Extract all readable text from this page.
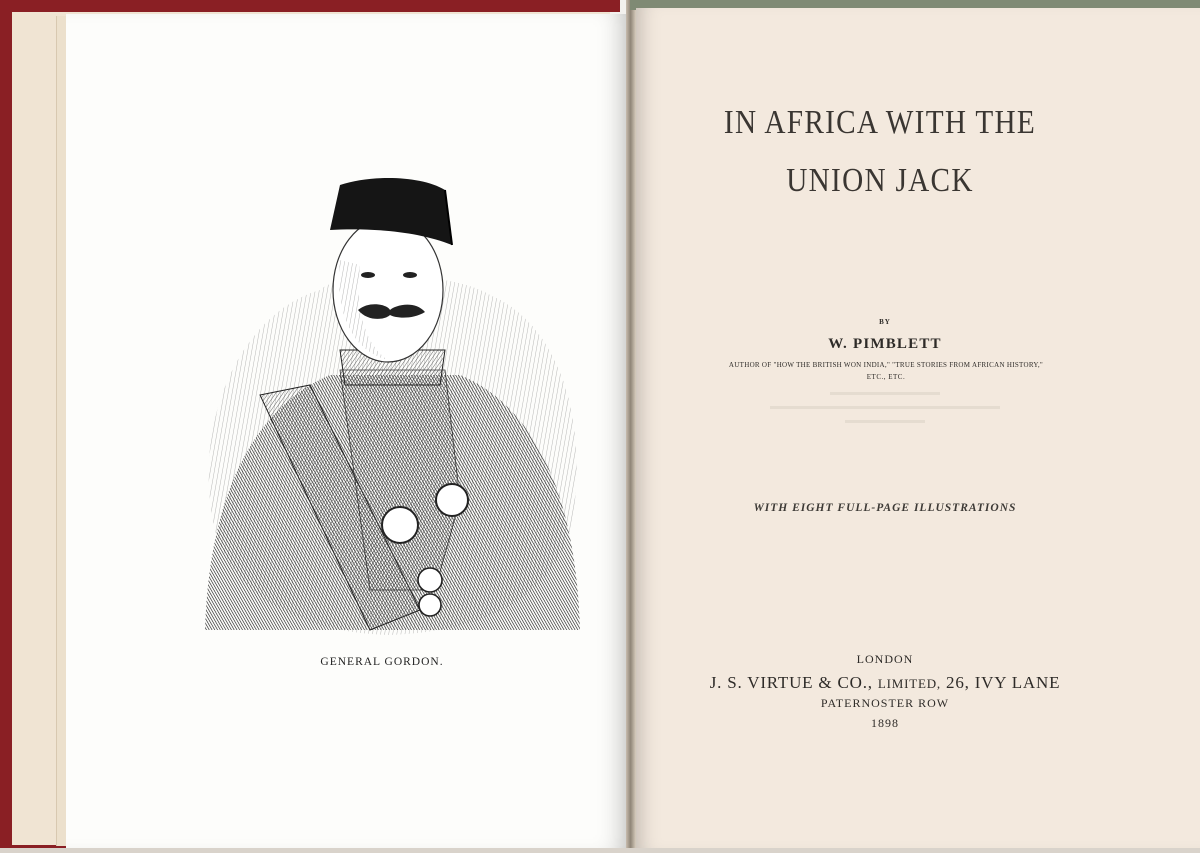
GENERAL GORDON.
IN AFRICA WITH THE
UNION JACK
BY
W. PIMBLETT
AUTHOR OF "HOW THE BRITISH WON INDIA," "TRUE STORIES FROM AFRICAN HISTORY,"
ETC., ETC.
WITH EIGHT FULL-PAGE ILLUSTRATIONS
LONDON
J. S. VIRTUE & CO., LIMITED, 26, IVY LANE
PATERNOSTER ROW
1898
